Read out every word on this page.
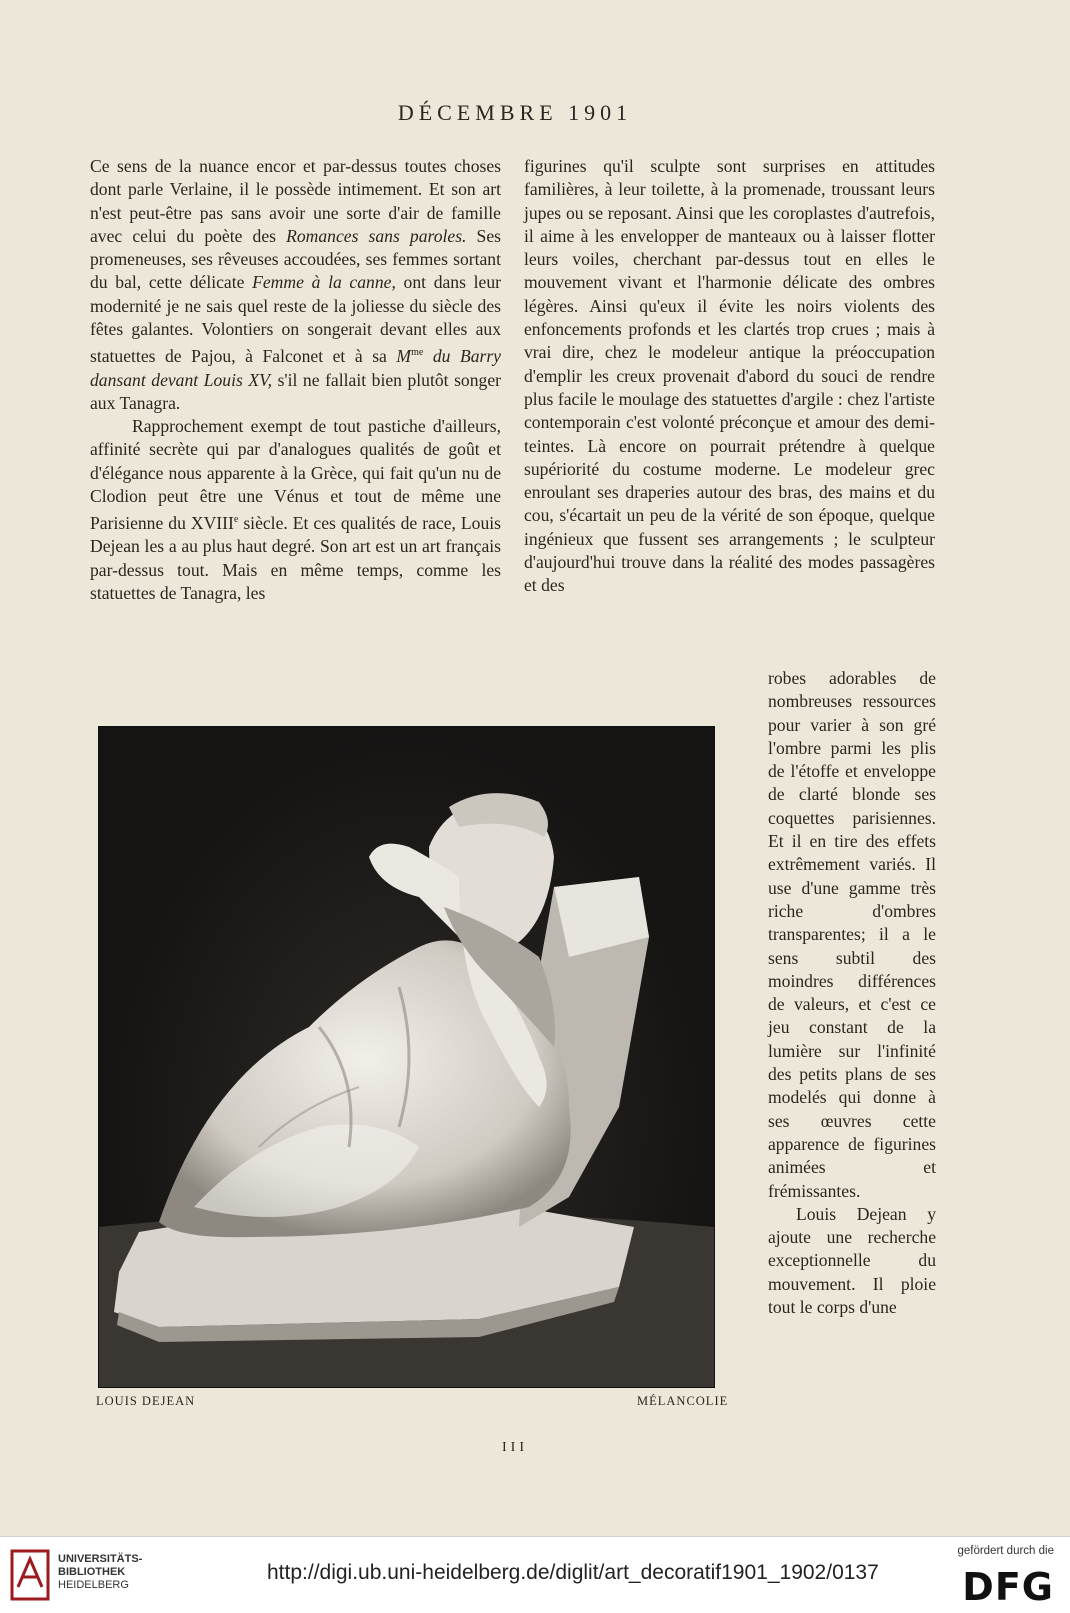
DÉCEMBRE 1901

Ce sens de la nuance encor et par-dessus toutes choses dont parle Verlaine, il le possède intimement. Et son art n'est peut-être pas sans avoir une sorte d'air de famille avec celui du poète des Romances sans paroles. Ses promeneuses, ses rêveuses accoudées, ses femmes sortant du bal, cette délicate Femme à la canne, ont dans leur modernité je ne sais quel reste de la joliesse du siècle des fêtes galantes. Volontiers on songerait devant elles aux statuettes de Pajou, à Falconet et à sa $M^{me}$ du Barry dansant devant Louis XV, s'il ne fallait bien plutôt songer aux Tanagra.

Rapprochement exempt de tout pastiche d'ailleurs, affinité secrète qui par d'analogues qualités de goût et d'élégance nous apparente à la Grèce, qui fait qu'un nu de Clodion peut être une Vénus et tout de même une Parisienne du XVIIIe siècle. Et ces qualités de race, Louis Dejean les a au plus haut degré. Son art est un art français par-dessus tout. Mais en même temps, comme les statuettes de Tanagra, les

figurines qu'il sculpte sont surprises en attitudes familières, à leur toilette, à la promenade, troussant leurs jupes ou se reposant. Ainsi que les coroplastes d'autrefois, il aime à les envelopper de manteaux ou à laisser flotter leurs voiles, cherchant par-dessus tout en elles le mouvement vivant et l'harmonie délicate des ombres légères. Ainsi qu'eux il évite les noirs violents des enfoncements profonds et les clartés trop crues ; mais à vrai dire, chez le modeleur antique la préoccupation d'emplir les creux provenait d'abord du souci de rendre plus facile le moulage des statuettes d'argile : chez l'artiste contemporain c'est volonté préconçue et amour des demi-teintes. Là encore on pourrait prétendre à quelque supériorité du costume moderne. Le modeleur grec enroulant ses draperies autour des bras, des mains et du cou, s'écartait un peu de la vérité de son époque, quelque ingénieux que fussent ses arrangements ; le sculpteur d'aujourd'hui trouve dans la réalité des modes passagères et des

robes adorables de nombreuses ressources pour varier à son gré l'ombre parmi les plis de l'étoffe et enveloppe de clarté blonde ses coquettes parisiennes. Et il en tire des effets extrêmement variés. Il use d'une gamme très riche d'ombres transparentes; il a le sens subtil des moindres différences de valeurs, et c'est ce jeu constant de la lumière sur l'infinité des petits plans de ses modelés qui donne à ses œuvres cette apparence de figurines animées et frémissantes.

Louis Dejean y ajoute une recherche exceptionnelle du mouvement. Il ploie tout le corps d'une

LOUIS DEJEAN	MÉLANCOLIE
III
UNIVERSITÄTS-
BIBLIOTHEK
HEIDELBERG
http://digi.ub.uni-heidelberg.de/diglit/art_decoratif1901_1902/0137
gefördert durch die
DFG
